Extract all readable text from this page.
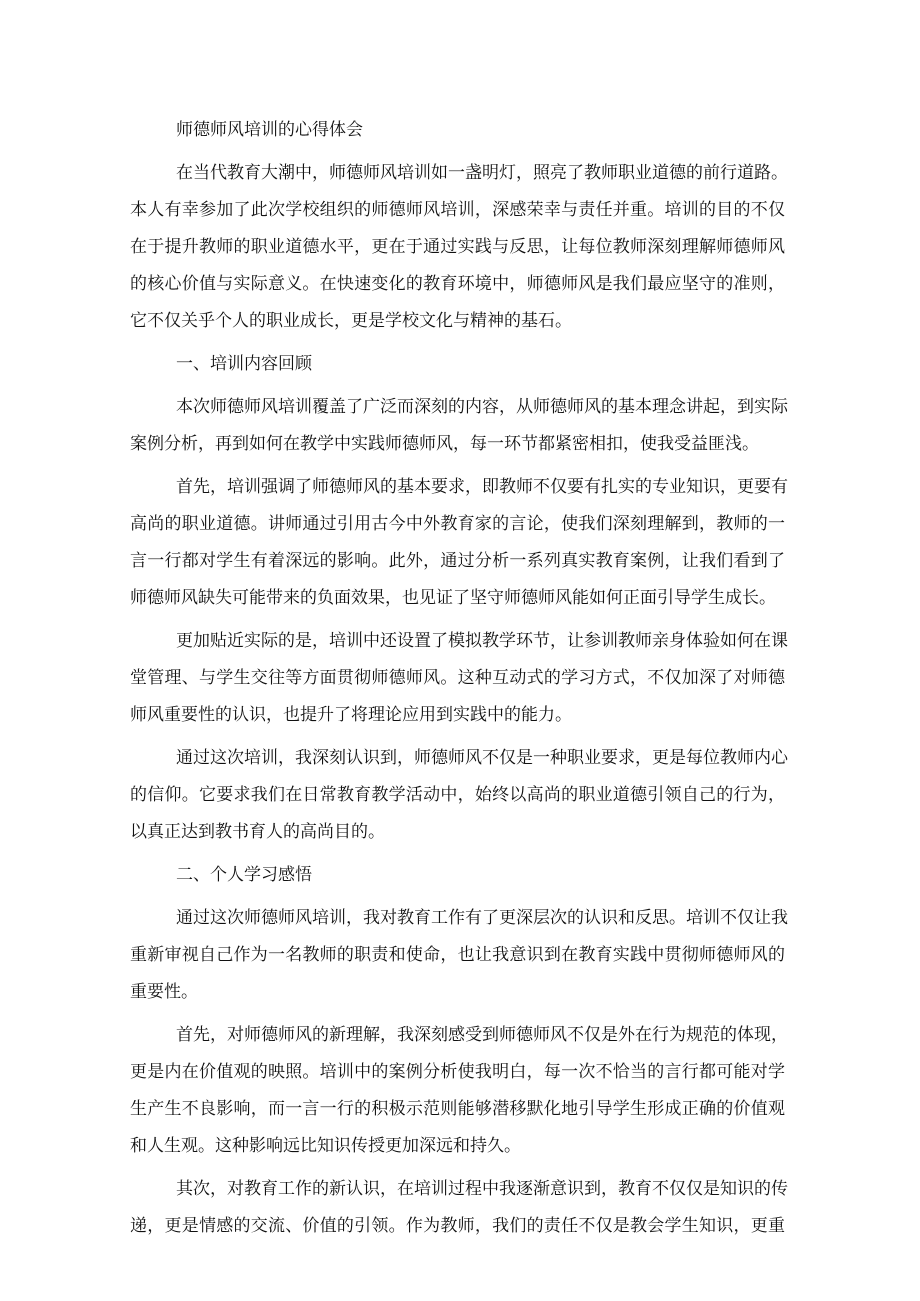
师德师风培训的心得体会
在当代教育大潮中，师德师风培训如一盏明灯，照亮了教师职业道德的前行道路。
本人有幸参加了此次学校组织的师德师风培训，深感荣幸与责任并重。培训的目的不仅
在于提升教师的职业道德水平，更在于通过实践与反思，让每位教师深刻理解师德师风
的核心价值与实际意义。在快速变化的教育环境中，师德师风是我们最应坚守的准则，
它不仅关乎个人的职业成长，更是学校文化与精神的基石。
一、培训内容回顾
本次师德师风培训覆盖了广泛而深刻的内容，从师德师风的基本理念讲起，到实际
案例分析，再到如何在教学中实践师德师风，每一环节都紧密相扣，使我受益匪浅。
首先，培训强调了师德师风的基本要求，即教师不仅要有扎实的专业知识，更要有
高尚的职业道德。讲师通过引用古今中外教育家的言论，使我们深刻理解到，教师的一
言一行都对学生有着深远的影响。此外，通过分析一系列真实教育案例，让我们看到了
师德师风缺失可能带来的负面效果，也见证了坚守师德师风能如何正面引导学生成长。
更加贴近实际的是，培训中还设置了模拟教学环节，让参训教师亲身体验如何在课
堂管理、与学生交往等方面贯彻师德师风。这种互动式的学习方式，不仅加深了对师德
师风重要性的认识，也提升了将理论应用到实践中的能力。
通过这次培训，我深刻认识到，师德师风不仅是一种职业要求，更是每位教师内心
的信仰。它要求我们在日常教育教学活动中，始终以高尚的职业道德引领自己的行为，
以真正达到教书育人的高尚目的。
二、个人学习感悟
通过这次师德师风培训，我对教育工作有了更深层次的认识和反思。培训不仅让我
重新审视自己作为一名教师的职责和使命，也让我意识到在教育实践中贯彻师德师风的
重要性。
首先，对师德师风的新理解，我深刻感受到师德师风不仅是外在行为规范的体现，
更是内在价值观的映照。培训中的案例分析使我明白，每一次不恰当的言行都可能对学
生产生不良影响，而一言一行的积极示范则能够潜移默化地引导学生形成正确的价值观
和人生观。这种影响远比知识传授更加深远和持久。
其次，对教育工作的新认识，在培训过程中我逐渐意识到，教育不仅仅是知识的传
递，更是情感的交流、价值的引领。作为教师，我们的责任不仅是教会学生知识，更重
